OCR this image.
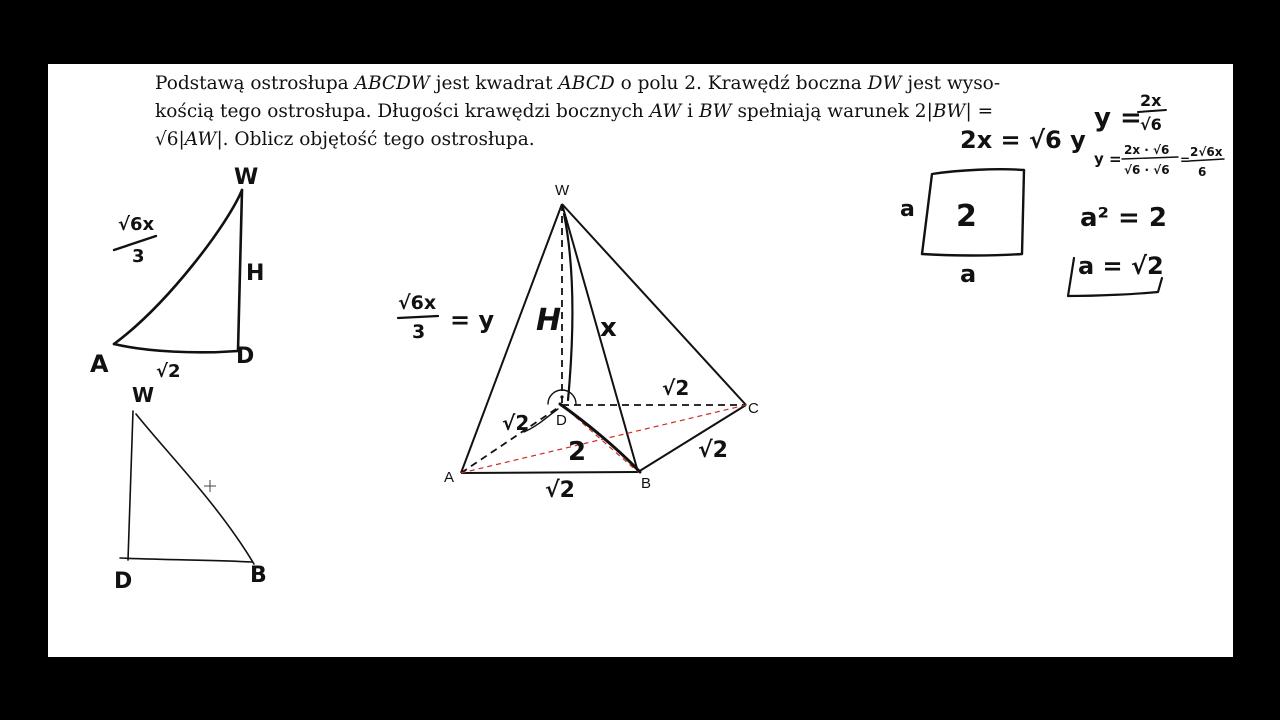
Podstawą ostrosłupa ABCDW jest kwadrat ABCD o polu 2. Krawędź boczna DW jest wyso-
kością tego ostrosłupa. Długości krawędzi bocznych AW i BW spełniają warunek 2|BW| =
√6|AW|. Oblicz objętość tego ostrosłupa.

W
A	D
H
√2
√6x
3
W
D	B
W
A	B
C
D
H x
√2
√2
√2
√2
2
√6x
3 = y
y =
2x
√6
2x = √6 y
y = 2x · √6
√6 · √6
=
2√6x
6
2
a
a
a² = 2
a = √2
